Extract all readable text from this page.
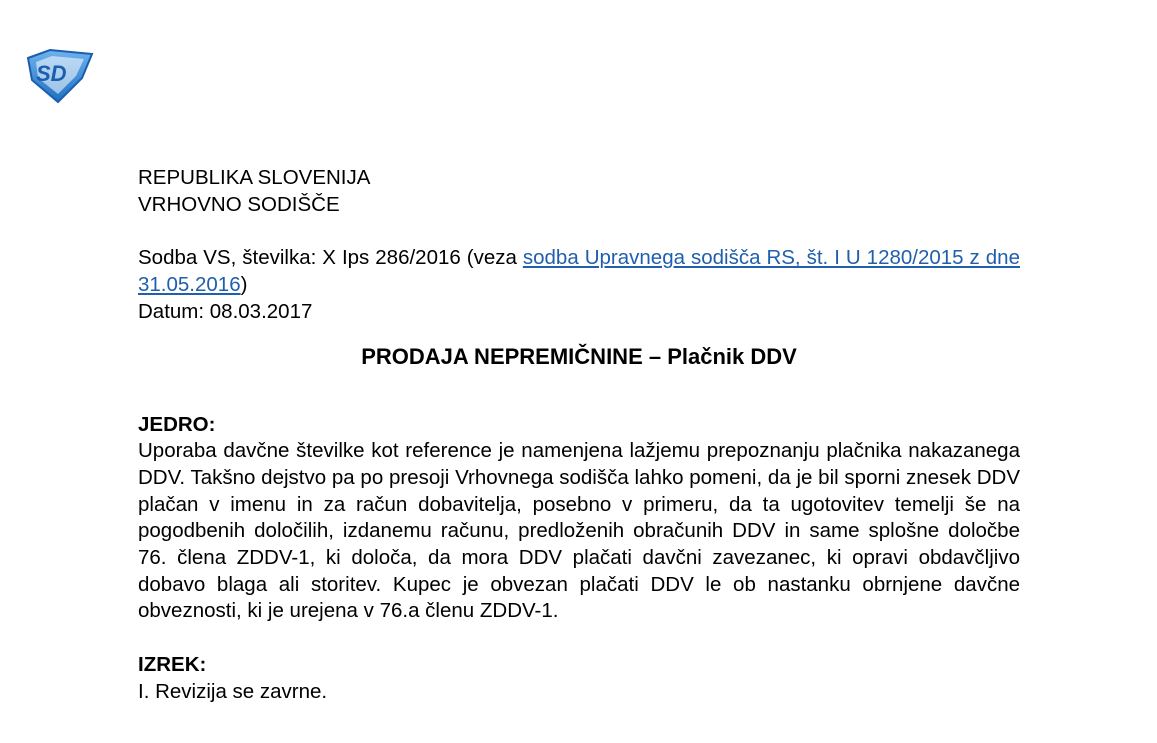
SD
REPUBLIKA SLOVENIJA
VRHOVNO SODIŠČE
Sodba VS, številka: X Ips 286/2016 (veza sodba Upravnega sodišča RS, št. I U 1280/2015 z dne 31.05.2016)
Datum: 08.03.2017
PRODAJA NEPREMIČNINE – Plačnik DDV
JEDRO:
Uporaba davčne številke kot reference je namenjena lažjemu prepoznanju plačnika nakazanega DDV. Takšno dejstvo pa po presoji Vrhovnega sodišča lahko pomeni, da je bil sporni znesek DDV plačan v imenu in za račun dobavitelja, posebno v primeru, da ta ugotovitev temelji še na pogodbenih določilih, izdanemu računu, predloženih obračunih DDV in same splošne določbe 76. člena ZDDV-1, ki določa, da mora DDV plačati davčni zavezanec, ki opravi obdavčljivo dobavo blaga ali storitev. Kupec je obvezan plačati DDV le ob nastanku obrnjene davčne obveznosti, ki je urejena v 76.a členu ZDDV-1.
IZREK:
I. Revizija se zavrne.
